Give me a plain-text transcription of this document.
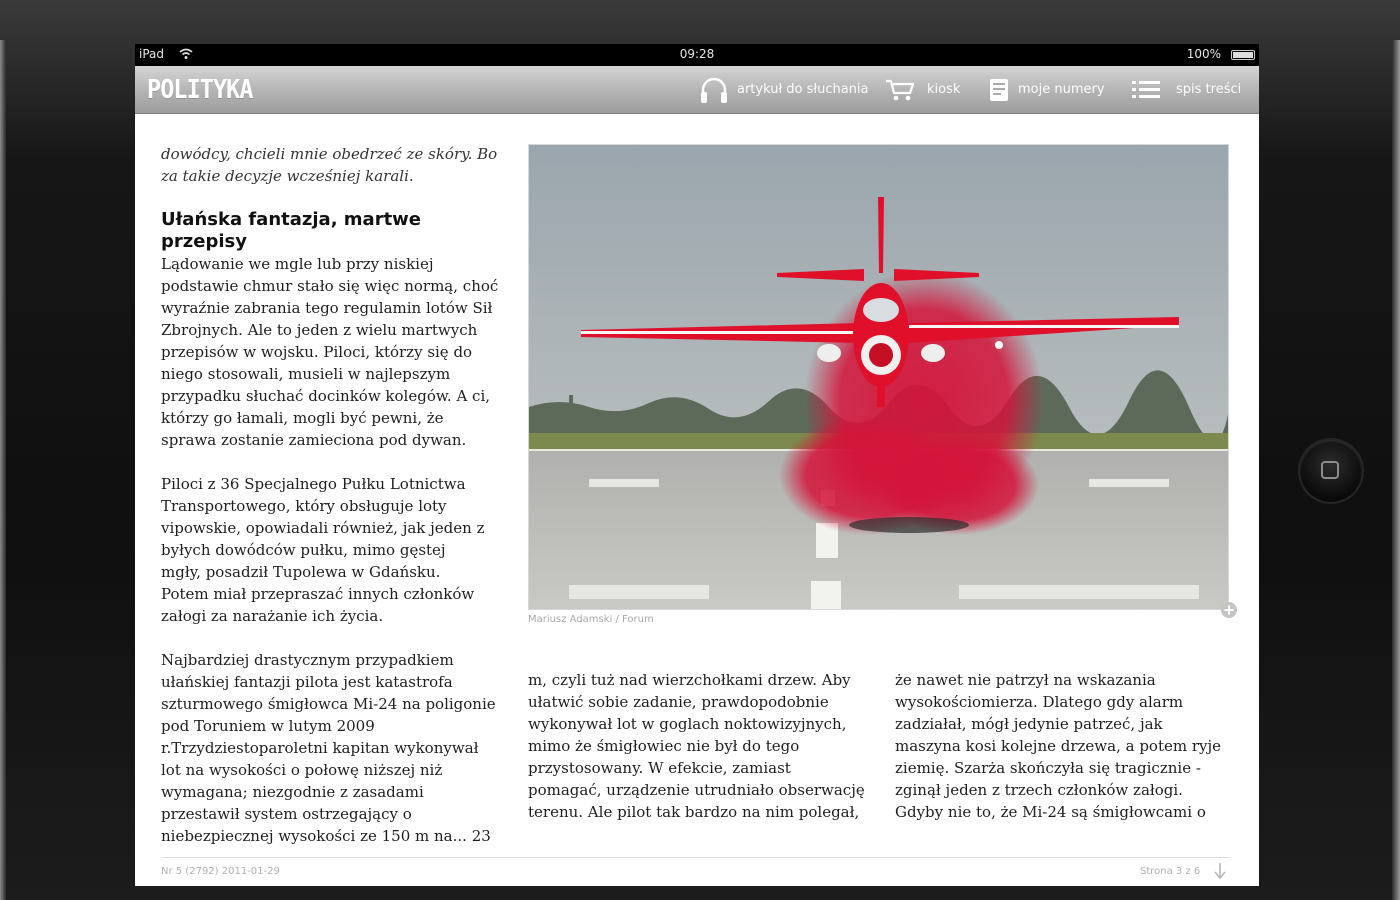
iPad	09:28	100%
POLITYKA	artykuł do słuchania	kiosk	moje numery	spis treści

dowódcy, chcieli mnie obedrzeć ze skóry. Bo
za takie decyzje wcześniej karali.

Ułańska fantazja, martwe
przepisy

Lądowanie we mgle lub przy niskiej
podstawie chmur stało się więc normą, choć
wyraźnie zabrania tego regulamin lotów Sił
Zbrojnych. Ale to jeden z wielu martwych
przepisów w wojsku. Piloci, którzy się do
niego stosowali, musieli w najlepszym
przypadku słuchać docinków kolegów. A ci,
którzy go łamali, mogli być pewni, że
sprawa zostanie zamieciona pod dywan.

Piloci z 36 Specjalnego Pułku Lotnictwa
Transportowego, który obsługuje loty
vipowskie, opowiadali również, jak jeden z
byłych dowódców pułku, mimo gęstej
mgły, posadził Tupolewa w Gdańsku.
Potem miał przepraszać innych członków
załogi za narażanie ich życia.

Najbardziej drastycznym przypadkiem
ułańskiej fantazji pilota jest katastrofa
szturmowego śmigłowca Mi-24 na poligonie
pod Toruniem w lutym 2009
r.Trzydziestoparoletni kapitan wykonywał
lot na wysokości o połowę niższej niż
wymagana; niezgodnie z zasadami
przestawił system ostrzegający o
niebezpiecznej wysokości ze 150 m na... 23

Mariusz Adamski / Forum

m, czyli tuż nad wierzchołkami drzew. Aby
ułatwić sobie zadanie, prawdopodobnie
wykonywał lot w goglach noktowizyjnych,
mimo że śmigłowiec nie był do tego
przystosowany. W efekcie, zamiast
pomagać, urządzenie utrudniało obserwację
terenu. Ale pilot tak bardzo na nim polegał,

że nawet nie patrzył na wskazania
wysokościomierza. Dlatego gdy alarm
zadziałał, mógł jedynie patrzeć, jak
maszyna kosi kolejne drzewa, a potem ryje
ziemię. Szarża skończyła się tragicznie -
zginął jeden z trzech członków załogi.
Gdyby nie to, że Mi-24 są śmigłowcami o

Nr 5 (2792) 2011-01-29	Strona 3 z 6
